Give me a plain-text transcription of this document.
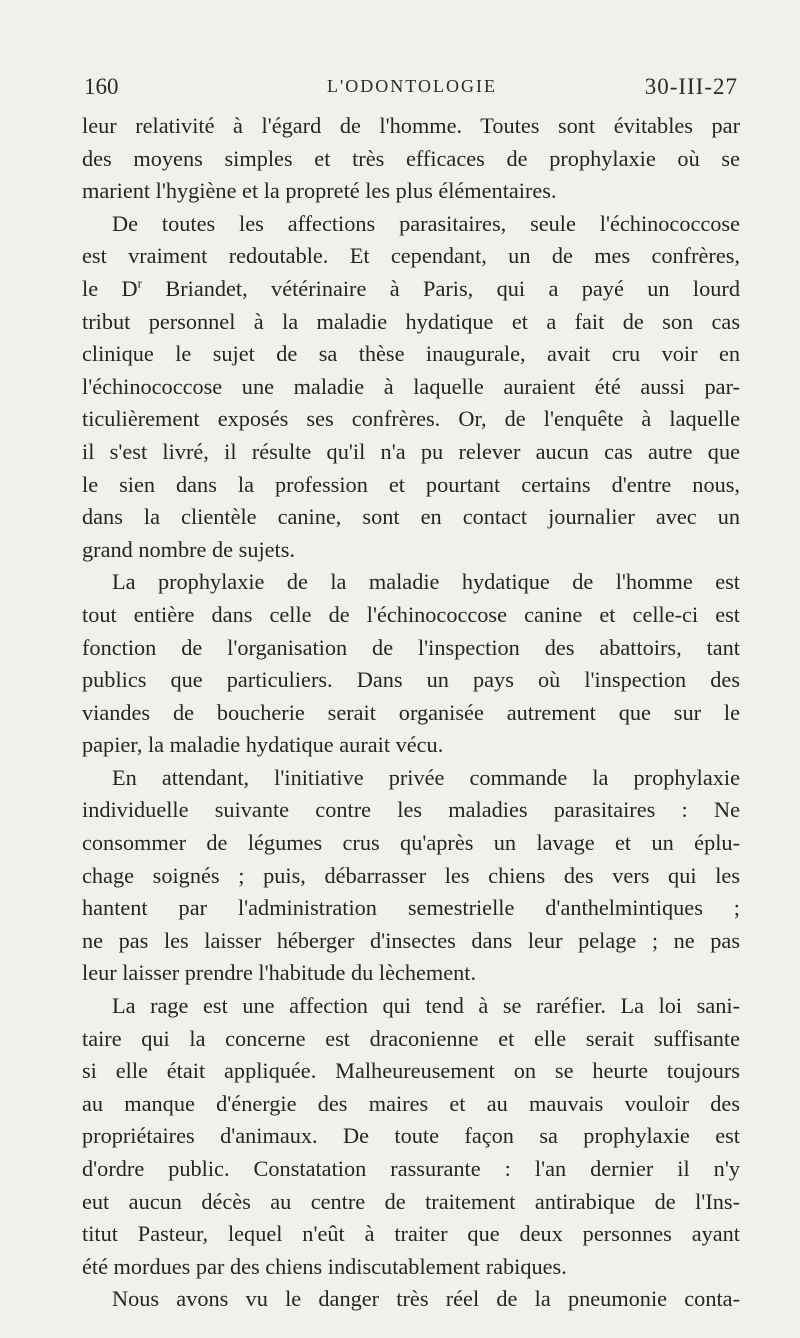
160	L'ODONTOLOGIE	30-III-27
leur relativité à l'égard de l'homme. Toutes sont évitables par
des moyens simples et très efficaces de prophylaxie où se
marient l'hygiène et la propreté les plus élémentaires.
De toutes les affections parasitaires, seule l'échinococcose
est vraiment redoutable. Et cependant, un de mes confrères,
le $D^r$ Briandet, vétérinaire à Paris, qui a payé un lourd
tribut personnel à la maladie hydatique et a fait de son cas
clinique le sujet de sa thèse inaugurale, avait cru voir en
l'échinococcose une maladie à laquelle auraient été aussi par-
ticulièrement exposés ses confrères. Or, de l'enquête à laquelle
il s'est livré, il résulte qu'il n'a pu relever aucun cas autre que
le sien dans la profession et pourtant certains d'entre nous,
dans la clientèle canine, sont en contact journalier avec un
grand nombre de sujets.
La prophylaxie de la maladie hydatique de l'homme est
tout entière dans celle de l'échinococcose canine et celle-ci est
fonction de l'organisation de l'inspection des abattoirs, tant
publics que particuliers. Dans un pays où l'inspection des
viandes de boucherie serait organisée autrement que sur le
papier, la maladie hydatique aurait vécu.
En attendant, l'initiative privée commande la prophylaxie
individuelle suivante contre les maladies parasitaires : Ne
consommer de légumes crus qu'après un lavage et un éplu-
chage soignés ; puis, débarrasser les chiens des vers qui les
hantent par l'administration semestrielle d'anthelmintiques ;
ne pas les laisser héberger d'insectes dans leur pelage ; ne pas
leur laisser prendre l'habitude du lèchement.
La rage est une affection qui tend à se raréfier. La loi sani-
taire qui la concerne est draconienne et elle serait suffisante
si elle était appliquée. Malheureusement on se heurte toujours
au manque d'énergie des maires et au mauvais vouloir des
propriétaires d'animaux. De toute façon sa prophylaxie est
d'ordre public. Constatation rassurante : l'an dernier il n'y
eut aucun décès au centre de traitement antirabique de l'Ins-
titut Pasteur, lequel n'eût à traiter que deux personnes ayant
été mordues par des chiens indiscutablement rabiques.
Nous avons vu le danger très réel de la pneumonie conta-
